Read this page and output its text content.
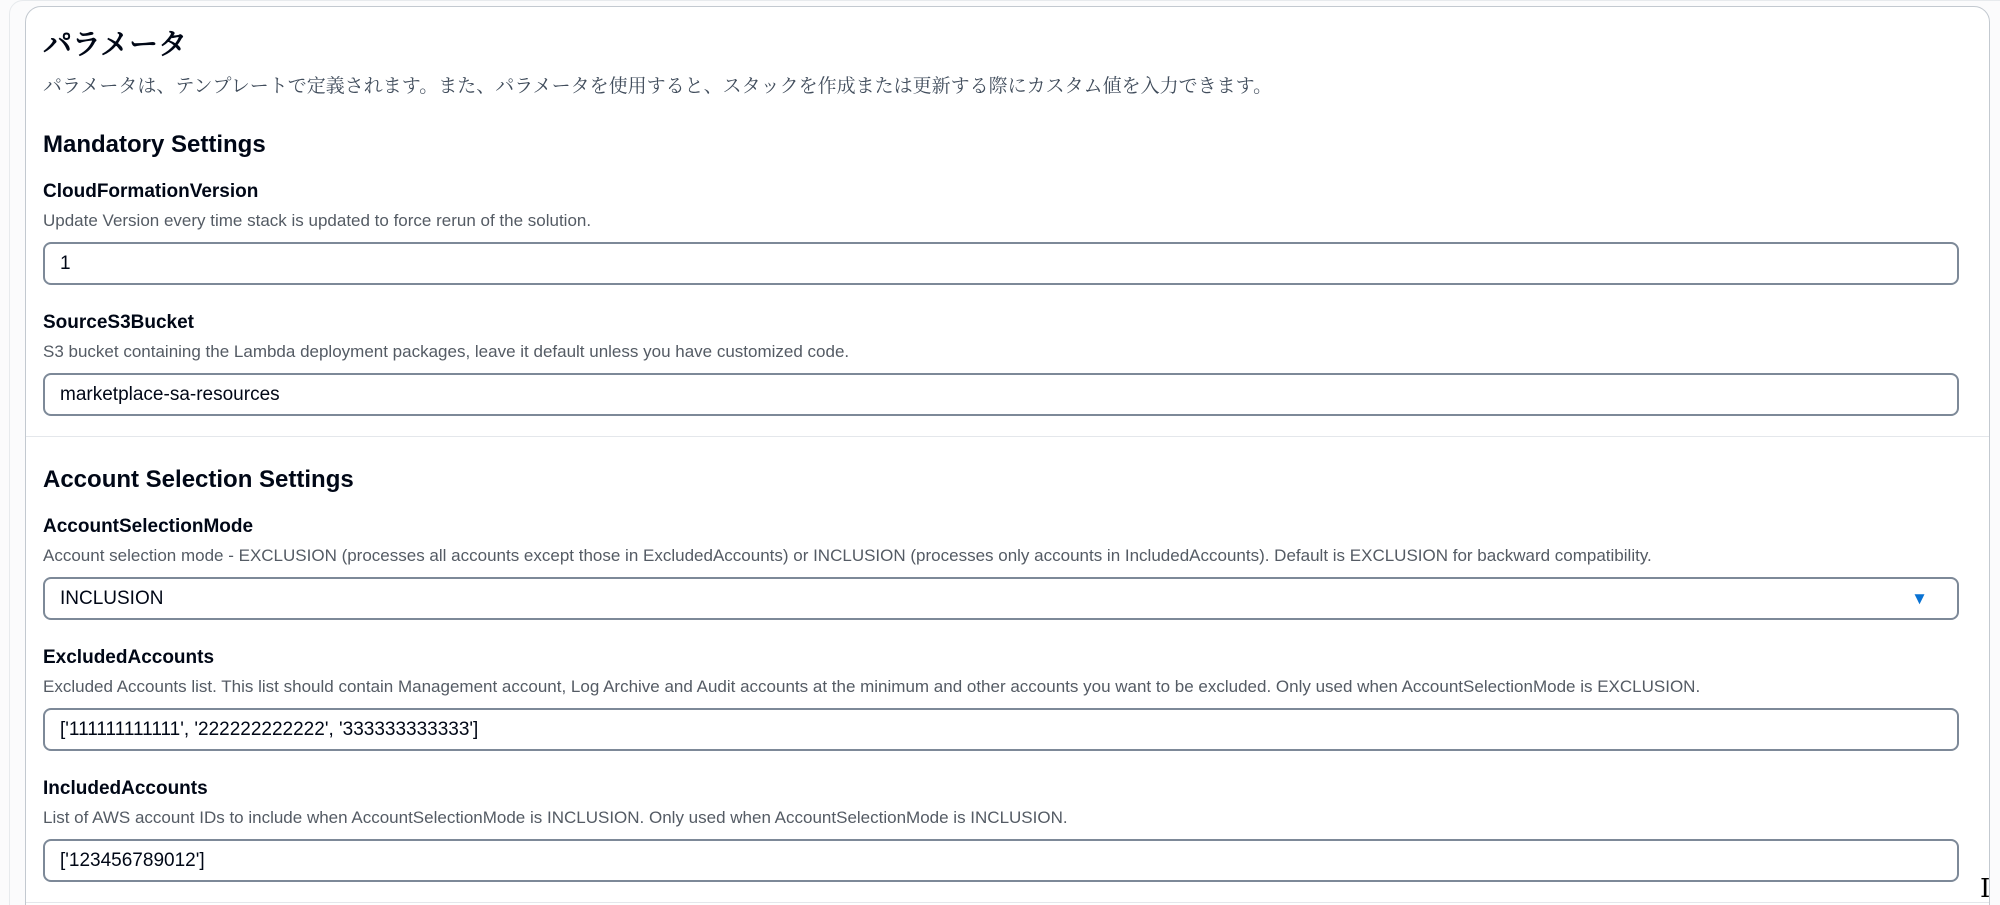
パラメータ

パラメータは、テンプレートで定義されます。また、パラメータを使用すると、スタックを作成または更新する際にカスタム値を入力できます。

Mandatory Settings
CloudFormationVersion
Update Version every time stack is updated to force rerun of the solution.
1
SourceS3Bucket
S3 bucket containing the Lambda deployment packages, leave it default unless you have customized code.
marketplace-sa-resources
Account Selection Settings
AccountSelectionMode
Account selection mode - EXCLUSION (processes all accounts except those in ExcludedAccounts) or INCLUSION (processes only accounts in IncludedAccounts). Default is EXCLUSION for backward compatibility.
INCLUSION	▼
ExcludedAccounts
Excluded Accounts list. This list should contain Management account, Log Archive and Audit accounts at the minimum and other accounts you want to be excluded. Only used when AccountSelectionMode is EXCLUSION.
['111111111111', '222222222222', '333333333333']
IncludedAccounts
List of AWS account IDs to include when AccountSelectionMode is INCLUSION. Only used when AccountSelectionMode is INCLUSION.
['123456789012']
I
